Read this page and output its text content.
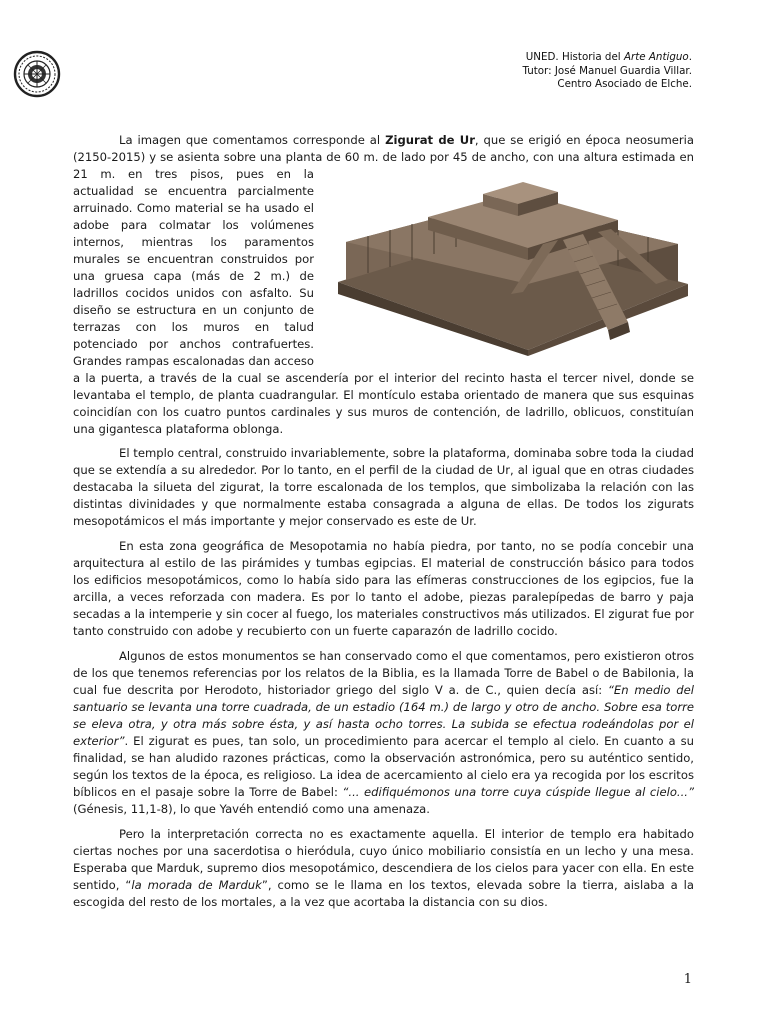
UNED. Historia del Arte Antiguo.
Tutor: José Manuel Guardia Villar.
Centro Asociado de Elche.

La imagen que comentamos corresponde al Zigurat de Ur, que se erigió en época neosumeria (2150-2015) y se asienta sobre una planta de 60 m. de lado por 45 de ancho, con una altura estimada en
21 m. en tres pisos, pues en la actualidad se encuentra parcialmente arruinado. Como material se ha usado el adobe para colmatar los volúmenes internos, mientras los paramentos murales se encuentran construidos por una gruesa capa (más de 2 m.) de ladrillos cocidos unidos con asfalto. Su diseño se estructura en un conjunto de terrazas con los muros en talud potenciado por anchos contrafuertes. Grandes rampas escalonadas dan acceso a la puerta, a través de la cual se ascendería por el interior del recinto hasta el tercer nivel, donde se levantaba el templo, de planta cuadrangular. El montículo estaba orientado de manera que sus esquinas coincidían con los cuatro puntos cardinales y sus muros de contención, de ladrillo, oblicuos, constituían una gigantesca plataforma oblonga.

El templo central, construido invariablemente, sobre la plataforma, dominaba sobre toda la ciudad que se extendía a su alrededor. Por lo tanto, en el perfil de la ciudad de Ur, al igual que en otras ciudades destacaba la silueta del zigurat, la torre escalonada de los templos, que simbolizaba la relación con las distintas divinidades y que normalmente estaba consagrada a alguna de ellas. De todos los zigurats mesopotámicos el más importante y mejor conservado es este de Ur.

En esta zona geográfica de Mesopotamia no había piedra, por tanto, no se podía concebir una arquitectura al estilo de las pirámides y tumbas egipcias. El material de construcción básico para todos los edificios mesopotámicos, como lo había sido para las efímeras construcciones de los egipcios, fue la arcilla, a veces reforzada con madera. Es por lo tanto el adobe, piezas paralepípedas de barro y paja secadas a la intemperie y sin cocer al fuego, los materiales constructivos más utilizados. El zigurat fue por tanto construido con adobe y recubierto con un fuerte caparazón de ladrillo cocido.

Algunos de estos monumentos se han conservado como el que comentamos, pero existieron otros de los que tenemos referencias por los relatos de la Biblia, es la llamada Torre de Babel o de Babilonia, la cual fue descrita por Herodoto, historiador griego del siglo V a. de C., quien decía así: “En medio del santuario se levanta una torre cuadrada, de un estadio (164 m.) de largo y otro de ancho. Sobre esa torre se eleva otra, y otra más sobre ésta, y así hasta ocho torres. La subida se efectua rodeándolas por el exterior”. El zigurat es pues, tan solo, un procedimiento para acercar el templo al cielo. En cuanto a su finalidad, se han aludido razones prácticas, como la observación astronómica, pero su auténtico sentido, según los textos de la época, es religioso. La idea de acercamiento al cielo era ya recogida por los escritos bíblicos en el pasaje sobre la Torre de Babel: “... edifiquémonos una torre cuya cúspide llegue al cielo...” (Génesis, 11,1-8), lo que Yavéh entendió como una amenaza.

Pero la interpretación correcta no es exactamente aquella. El interior de templo era habitado ciertas noches por una sacerdotisa o hieródula, cuyo único mobiliario consistía en un lecho y una mesa. Esperaba que Marduk, supremo dios mesopotámico, descendiera de los cielos para yacer con ella. En este sentido, “la morada de Marduk”, como se le llama en los textos, elevada sobre la tierra, aislaba a la escogida del resto de los mortales, a la vez que acortaba la distancia con su dios.

1
